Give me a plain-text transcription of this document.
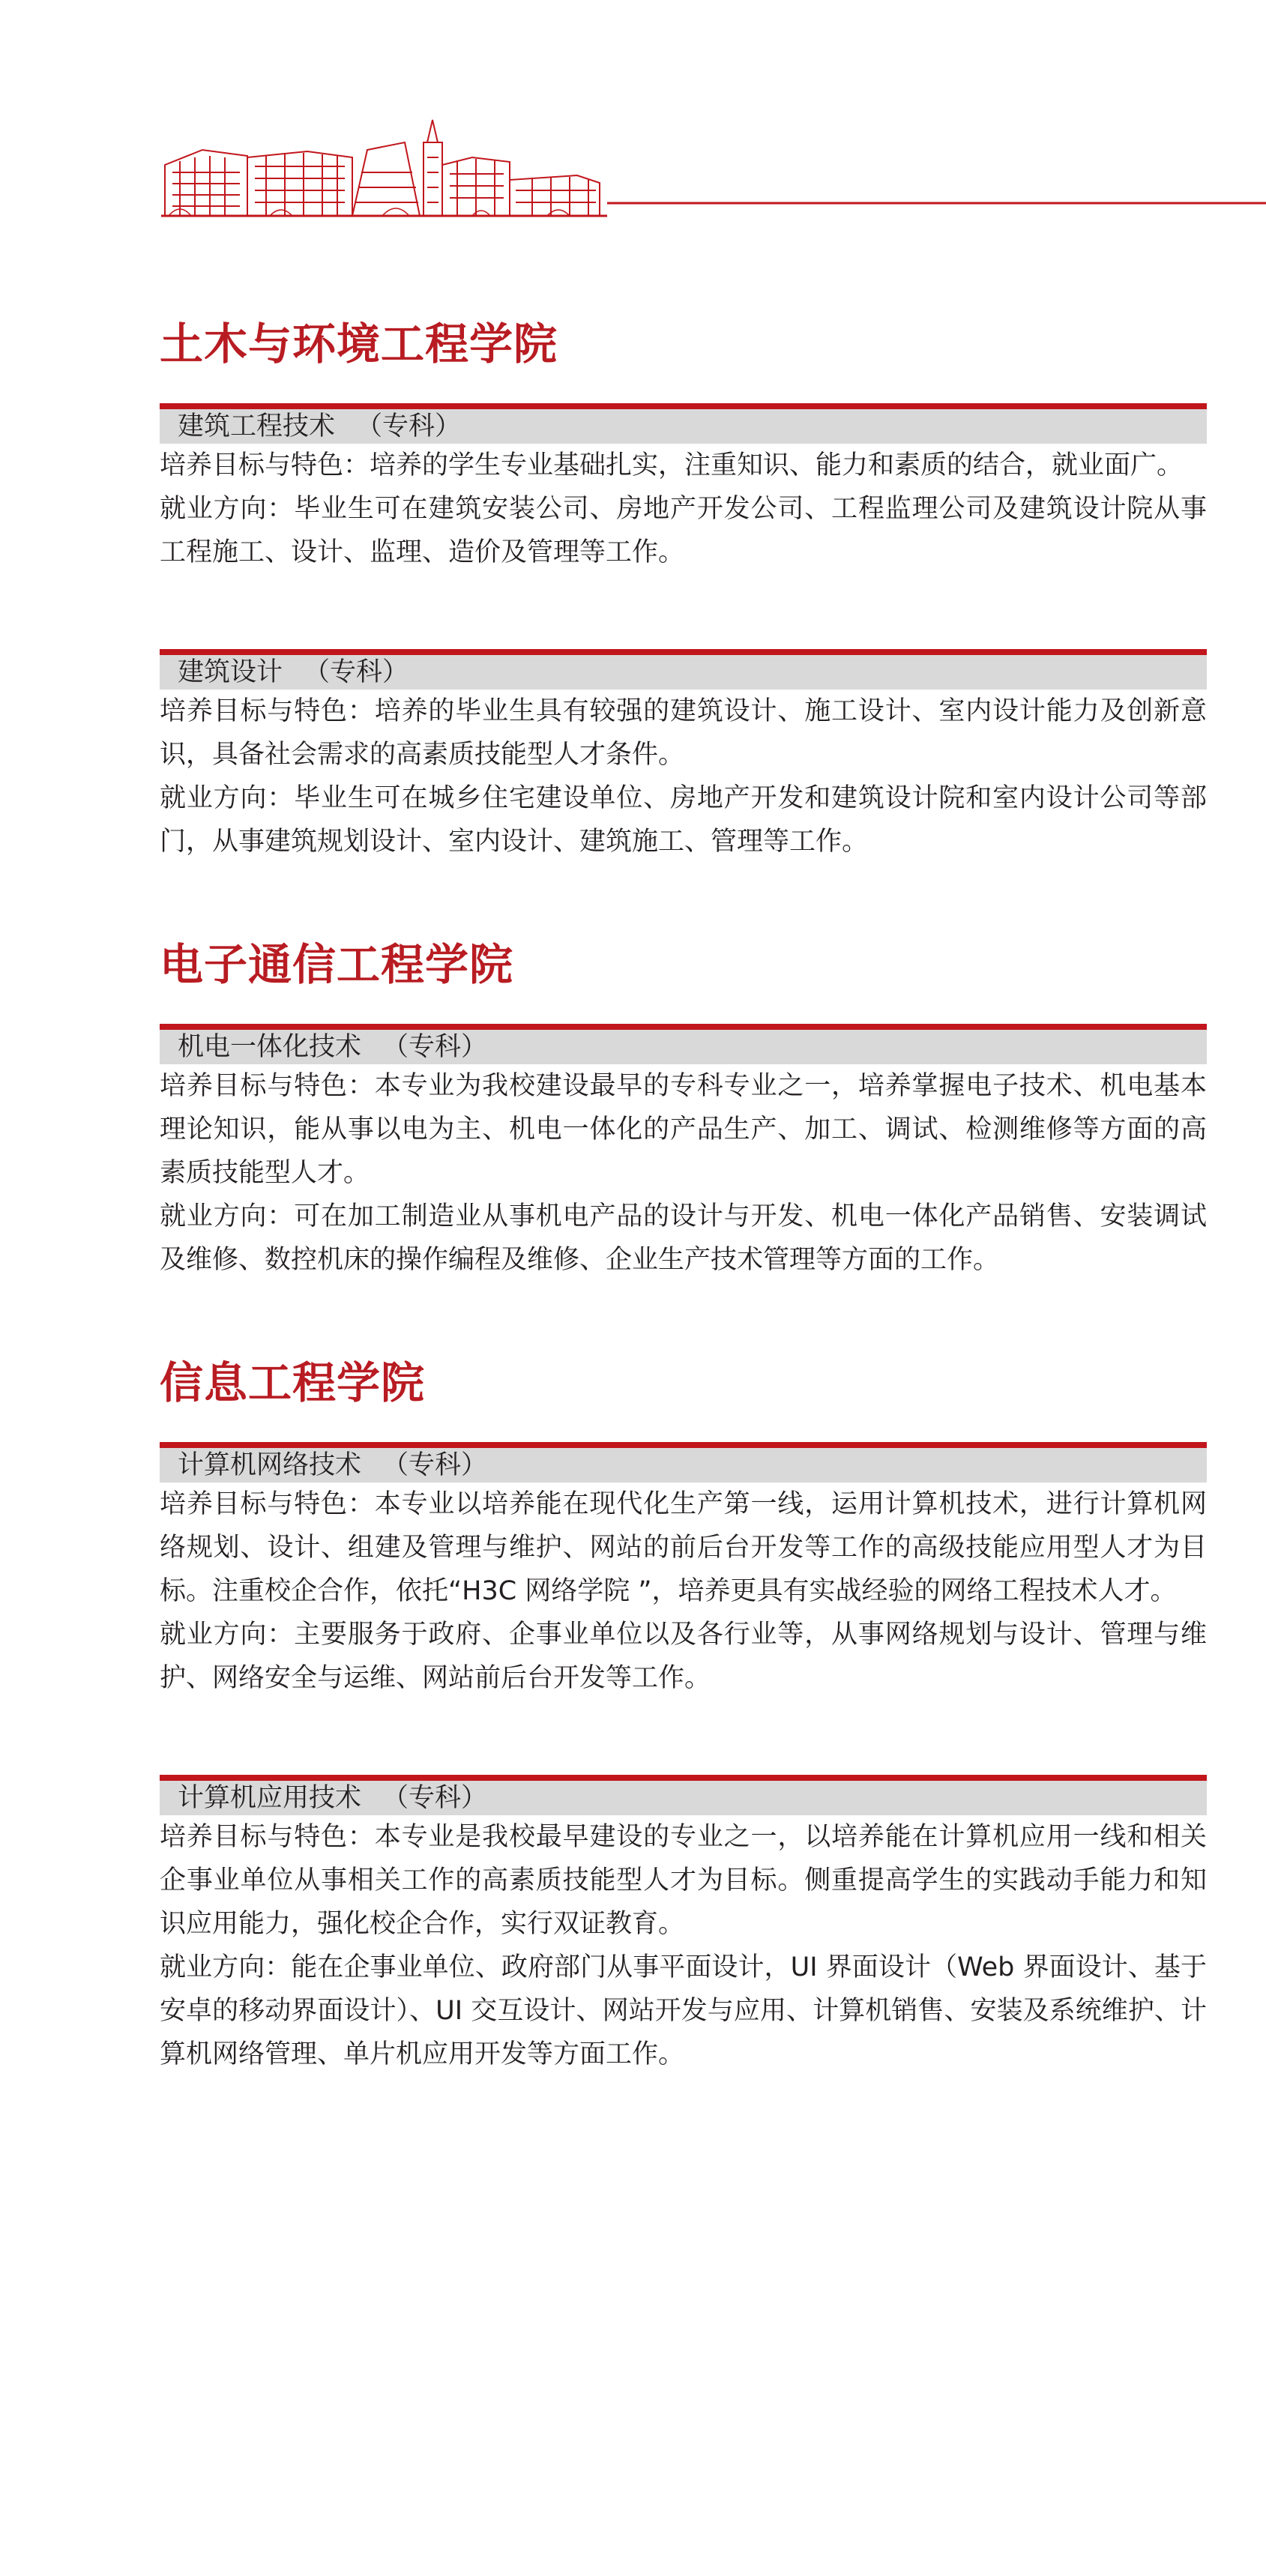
土木与环境工程学院
建筑工程技术 （专科）

培养目标与特色：培养的学生专业基础扎实，注重知识、能力和素质的结合，就业面广。

就业方向：毕业生可在建筑安装公司、房地产开发公司、工程监理公司及建筑设计院从事工程施工、设计、监理、造价及管理等工作。

建筑设计 （专科）

培养目标与特色：培养的毕业生具有较强的建筑设计、施工设计、室内设计能力及创新意识，具备社会需求的高素质技能型人才条件。

就业方向：毕业生可在城乡住宅建设单位、房地产开发和建筑设计院和室内设计公司等部门，从事建筑规划设计、室内设计、建筑施工、管理等工作。

电子通信工程学院
机电一体化技术 （专科）

培养目标与特色：本专业为我校建设最早的专科专业之一，培养掌握电子技术、机电基本理论知识，能从事以电为主、机电一体化的产品生产、加工、调试、检测维修等方面的高素质技能型人才。

就业方向：可在加工制造业从事机电产品的设计与开发、机电一体化产品销售、安装调试及维修、数控机床的操作编程及维修、企业生产技术管理等方面的工作。

信息工程学院
计算机网络技术 （专科）

培养目标与特色：本专业以培养能在现代化生产第一线，运用计算机技术，进行计算机网络规划、设计、组建及管理与维护、网站的前后台开发等工作的高级技能应用型人才为目标。注重校企合作，依托“H3C 网络学院 ”，培养更具有实战经验的网络工程技术人才。

就业方向：主要服务于政府、企事业单位以及各行业等，从事网络规划与设计、管理与维护、网络安全与运维、网站前后台开发等工作。

计算机应用技术 （专科）

培养目标与特色：本专业是我校最早建设的专业之一，以培养能在计算机应用一线和相关企事业单位从事相关工作的高素质技能型人才为目标。侧重提高学生的实践动手能力和知识应用能力，强化校企合作，实行双证教育。

就业方向：能在企事业单位、政府部门从事平面设计，UI 界面设计（Web 界面设计、基于安卓的移动界面设计）、UI 交互设计、网站开发与应用、计算机销售、安装及系统维护、计算机网络管理、单片机应用开发等方面工作。
